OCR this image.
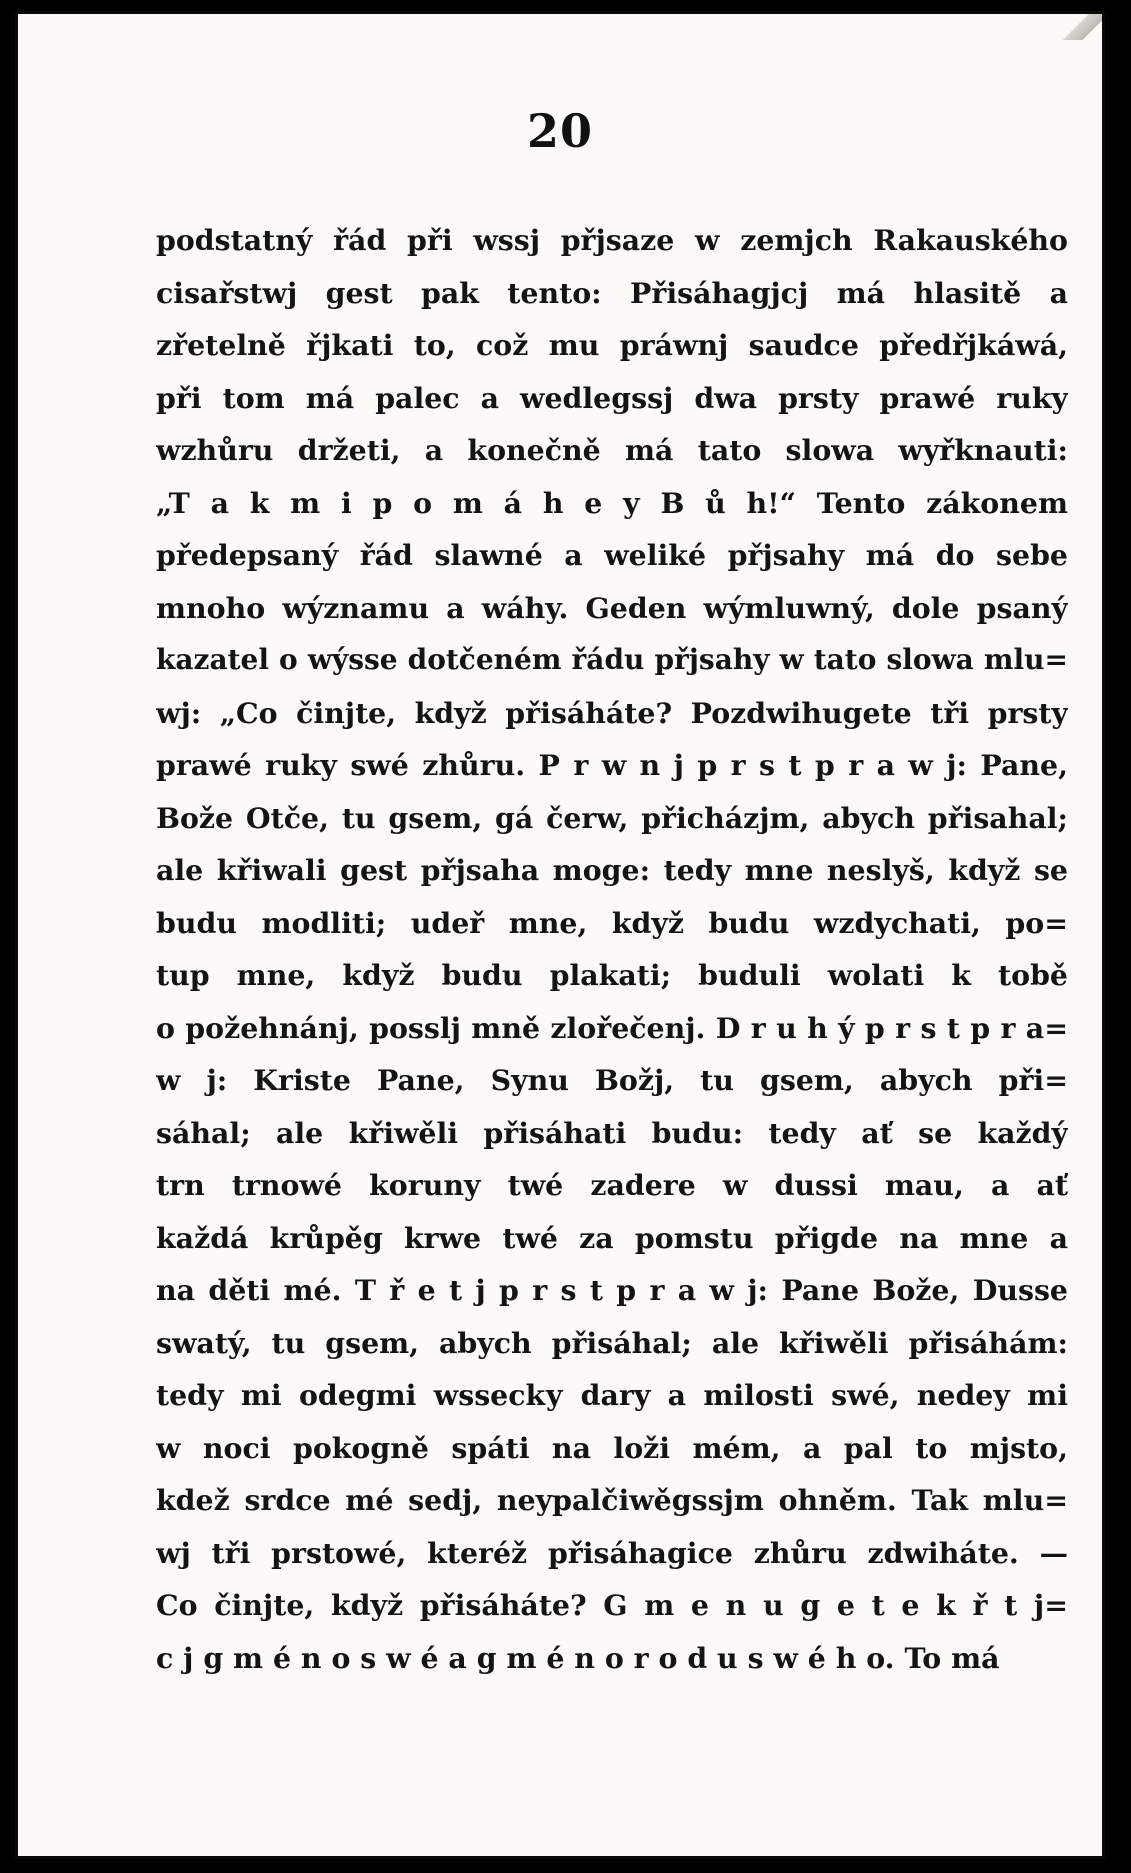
20
podstatný řád při wssj přjsaze w zemjch Rakauského
cisařstwj gest pak tento: Přisáhagjcj má hlasitě a
zřetelně řjkati to, což mu práwnj saudce předřjkáwá,
při tom má palec a wedlegssj dwa prsty prawé ruky
wzhůru držeti, a konečně má tato slowa wyřknauti:
„T a k m i p o m á h e y B ů h!“ Tento zákonem
předepsaný řád slawné a weliké přjsahy má do sebe
mnoho wýznamu a wáhy. Geden wýmluwný, dole psaný
kazatel o wýsse dotčeném řádu přjsahy w tato slowa mlu=
wj: „Co činjte, když přisáháte? Pozdwihugete tři prsty
prawé ruky swé zhůru. P r w n j p r s t p r a w j: Pane,
Bože Otče, tu gsem, gá čerw, přicházjm, abych přisahal;
ale křiwali gest přjsaha moge: tedy mne neslyš, když se
budu modliti; udeř mne, když budu wzdychati, po=
tup mne, když budu plakati; buduli wolati k tobě
o požehnánj, posslj mně zlořečenj. D r u h ý p r s t p r a=
w j: Kriste Pane, Synu Božj, tu gsem, abych při=
sáhal; ale křiwěli přisáhati budu: tedy ať se každý
trn trnowé koruny twé zadere w dussi mau, a ať
každá krůpěg krwe twé za pomstu přigde na mne a
na děti mé. T ř e t j p r s t p r a w j: Pane Bože, Dusse
swatý, tu gsem, abych přisáhal; ale křiwěli přisáhám:
tedy mi odegmi wsseckу dary a milosti swé, nedey mi
w noci pokogně spáti na loži mém, a pal to mjsto,
kdež srdce mé sedj, neypalčiwěgssjm ohněm. Tak mlu=
wj tři prstowé, kteréž přisáhagice zhůru zdwiháte. —
Co činjte, když přisáháte? G m e n u g e t e k ř t j=
c j g m é n o s w é a g m é n o r o d u s w é h o. To má
